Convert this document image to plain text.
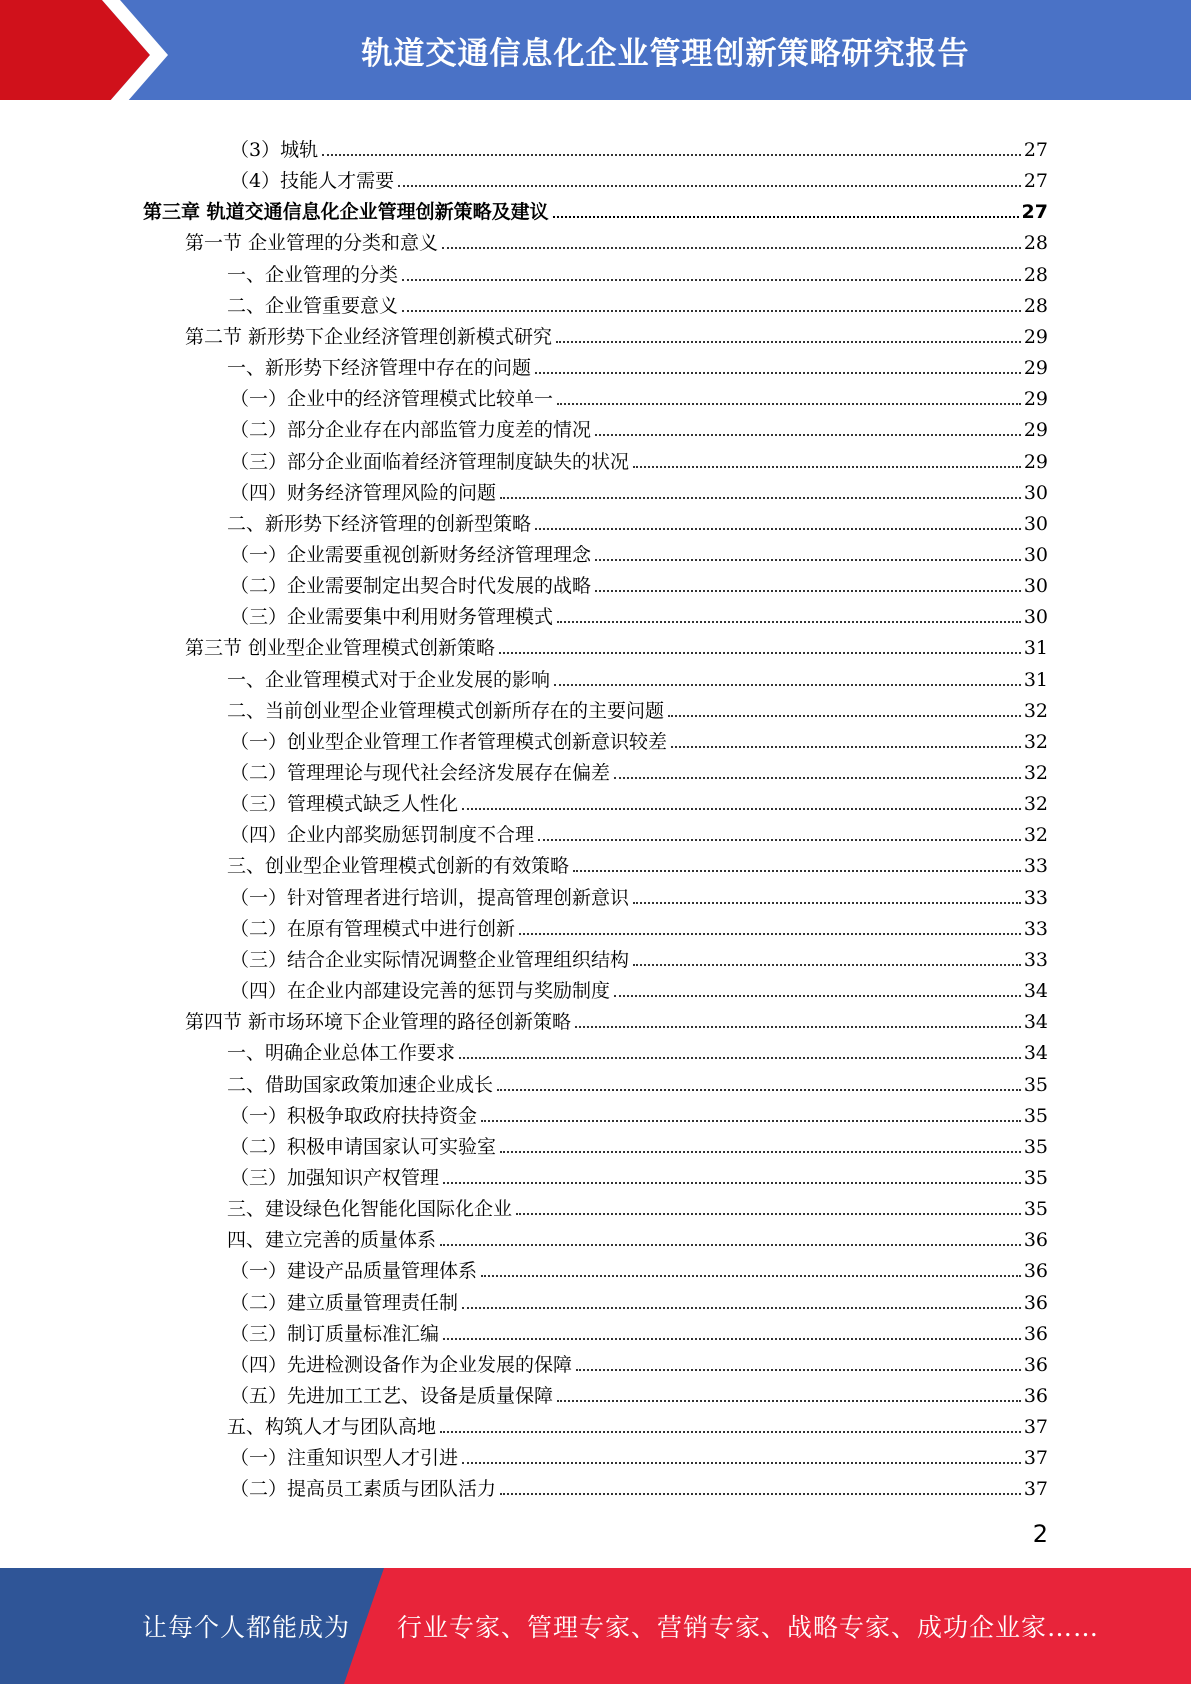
轨道交通信息化企业管理创新策略研究报告
（3）城轨	27
（4）技能人才需要	27
第三章 轨道交通信息化企业管理创新策略及建议	27
第一节 企业管理的分类和意义	28
一、企业管理的分类	28
二、企业管重要意义	28
第二节 新形势下企业经济管理创新模式研究	29
一、新形势下经济管理中存在的问题	29
（一）企业中的经济管理模式比较单一	29
（二）部分企业存在内部监管力度差的情况	29
（三）部分企业面临着经济管理制度缺失的状况	29
（四）财务经济管理风险的问题	30
二、新形势下经济管理的创新型策略	30
（一）企业需要重视创新财务经济管理理念	30
（二）企业需要制定出契合时代发展的战略	30
（三）企业需要集中利用财务管理模式	30
第三节 创业型企业管理模式创新策略	31
一、企业管理模式对于企业发展的影响	31
二、当前创业型企业管理模式创新所存在的主要问题	32
（一）创业型企业管理工作者管理模式创新意识较差	32
（二）管理理论与现代社会经济发展存在偏差	32
（三）管理模式缺乏人性化	32
（四）企业内部奖励惩罚制度不合理	32
三、创业型企业管理模式创新的有效策略	33
（一）针对管理者进行培训，提高管理创新意识	33
（二）在原有管理模式中进行创新	33
（三）结合企业实际情况调整企业管理组织结构	33
（四）在企业内部建设完善的惩罚与奖励制度	34
第四节 新市场环境下企业管理的路径创新策略	34
一、明确企业总体工作要求	34
二、借助国家政策加速企业成长	35
（一）积极争取政府扶持资金	35
（二）积极申请国家认可实验室	35
（三）加强知识产权管理	35
三、建设绿色化智能化国际化企业	35
四、建立完善的质量体系	36
（一）建设产品质量管理体系	36
（二）建立质量管理责任制	36
（三）制订质量标准汇编	36
（四）先进检测设备作为企业发展的保障	36
（五）先进加工工艺、设备是质量保障	36
五、构筑人才与团队高地	37
（一）注重知识型人才引进	37
（二）提高员工素质与团队活力	37
2
让每个人都能成为 行业专家、管理专家、营销专家、战略专家、成功企业家……
